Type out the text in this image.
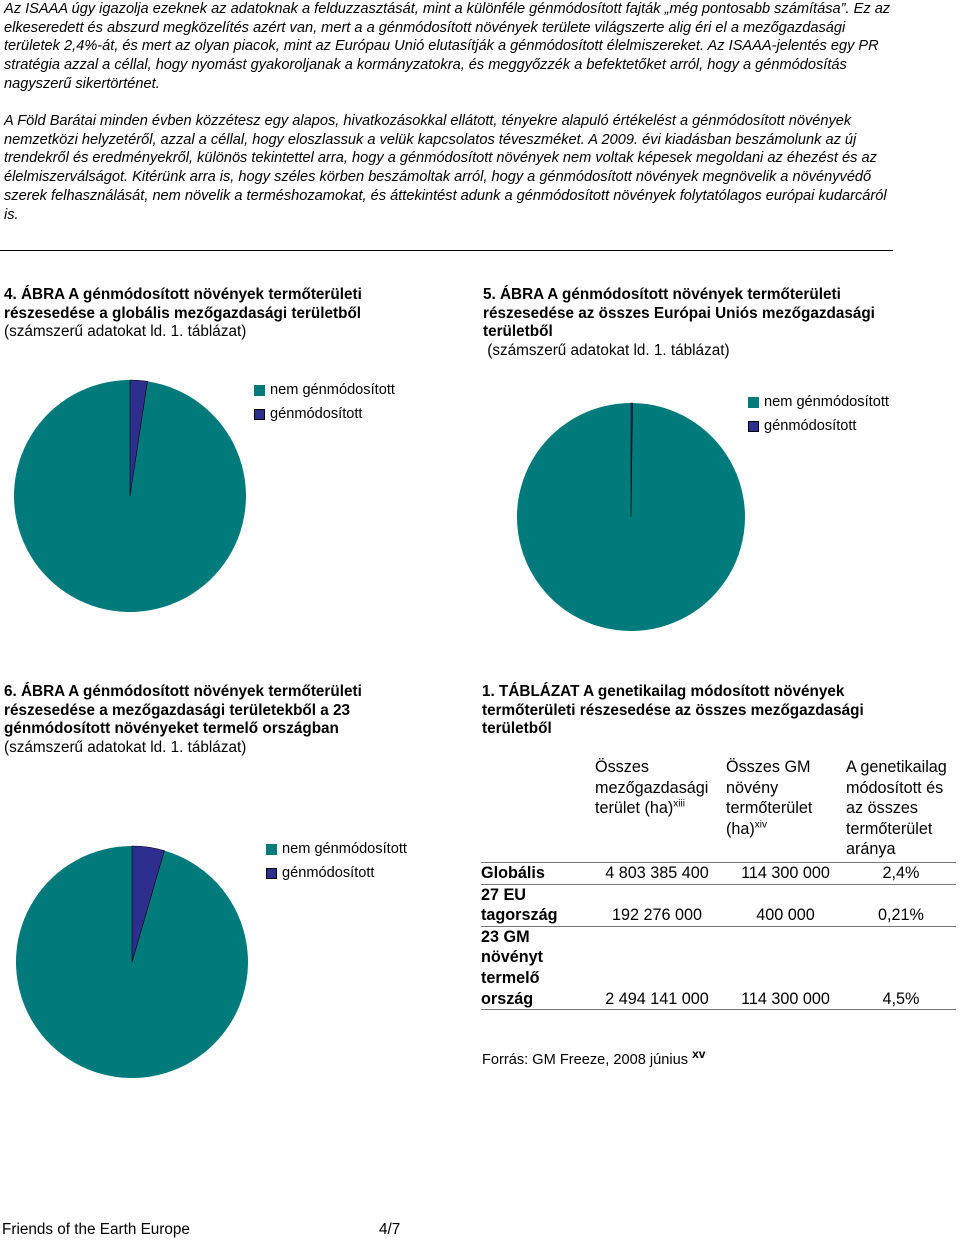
Az ISAAA úgy igazolja ezeknek az adatoknak a felduzzasztását, mint a különféle génmódosított fajták „még pontosabb számítása”. Ez az elkeseredett és abszurd megközelítés azért van, mert a a génmódosított növények területe világszerte alig éri el a mezőgazdasági területek 2,4%-át, és mert az olyan piacok, mint az Európau Unió elutasítják a génmódosított élelmiszereket. Az ISAAA-jelentés egy PR stratégia azzal a céllal, hogy nyomást gyakoroljanak a kormányzatokra, és meggyőzzék a befektetőket arról, hogy a génmódosítás nagyszerű sikertörténet.

A Föld Barátai minden évben közzétesz egy alapos, hivatkozásokkal ellátott, tényekre alapuló értékelést a génmódosított növények nemzetközi helyzetéről, azzal a céllal, hogy eloszlassuk a velük kapcsolatos téveszméket. A 2009. évi kiadásban beszámolunk az új trendekről és eredményekről, különös tekintettel arra, hogy a génmódosított növények nem voltak képesek megoldani az éhezést és az élelmiszerválságot. Kitérünk arra is, hogy széles körben beszámoltak arról, hogy a génmódosított növények megnövelik a növényvédő szerek felhasználását, nem növelik a terméshozamokat, és áttekintést adunk a génmódosított növények folytatólagos európai kudarcáról is.

4. ÁBRA A génmódosított növények termőterületi részesedése a globális mezőgazdasági területből
(számszerű adatokat ld. 1. táblázat)
nem génmódosított
génmódosított
5. ÁBRA A génmódosított növények termőterületi részesedése az összes Európai Uniós mezőgazdasági területből
(számszerű adatokat ld. 1. táblázat)
nem génmódosított
génmódosított
6. ÁBRA A génmódosított növények termőterületi részesedése a mezőgazdasági területekből a 23 génmódosított növényeket termelő országban
(számszerű adatokat ld. 1. táblázat)
nem génmódosított
génmódosított

1. TÁBLÁZAT A genetikailag módosított növények termőterületi részesedése az összes mezőgazdasági területből

	Összes mezőgazdasági terület (ha)$^{xiii}$	Összes GM növény termőterület (ha)$^{xiv}$	A genetikailag módosított és az összes termőterület aránya
Globális	4 803 385 400	114 300 000	2,4%
27 EU tagország	192 276 000	400 000	0,21%
23 GM növényt termelő ország	2 494 141 000	114 300 000	4,5%
Forrás: GM Freeze, 2008 június $^{xv}$
Friends of the Earth Europe	4/7
